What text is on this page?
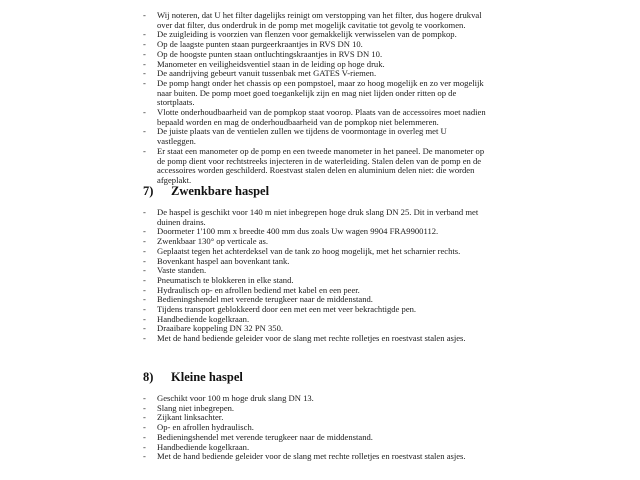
- Wij noteren, dat U het filter dagelijks reinigt om verstopping van het filter, dus hogere drukval over dat filter, dus onderdruk in de pomp met mogelijk cavitatie tot gevolg te voorkomen.
- De zuigleiding is voorzien van flenzen voor gemakkelijk verwisselen van de pompkop.
- Op de laagste punten staan purgeerkraantjes in RVS DN 10.
- Op de hoogste punten staan ontluchtingskraantjes in RVS DN 10.
- Manometer en veiligheidsventiel staan in de leiding op hoge druk.
- De aandrijving gebeurt vanuit tussenbak met GATES V-riemen.
- De pomp hangt onder het chassis op een pompstoel, maar zo hoog mogelijk en zo ver mogelijk naar buiten. De pomp moet goed toegankelijk zijn en mag niet lijden onder ritten op de stortplaats.
- Vlotte onderhoudbaarheid van de pompkop staat voorop. Plaats van de accessoires moet nadien bepaald worden en mag de onderhoudbaarheid van de pompkop niet belemmeren.
- De juiste plaats van de ventielen zullen we tijdens de voormontage in overleg met U vastleggen.
- Er staat een manometer op de pomp en een tweede manometer in het paneel. De manometer op de pomp dient voor rechtstreeks injecteren in de waterleiding. Stalen delen van de pomp en de accessoires worden geschilderd. Roestvast stalen delen en aluminium delen niet: die worden afgeplakt.
7) Zwenkbare haspel
- De haspel is geschikt voor 140 m niet inbegrepen hoge druk slang DN 25. Dit in verband met duinen drains.
- Doormeter 1'100 mm x breedte 400 mm dus zoals Uw wagen 9904 FRA9900112.
- Zwenkbaar 130° op verticale as.
- Geplaatst tegen het achterdeksel van de tank zo hoog mogelijk, met het scharnier rechts.
- Bovenkant haspel aan bovenkant tank.
- Vaste standen.
- Pneumatisch te blokkeren in elke stand.
- Hydraulisch op- en afrollen bediend met kabel en een peer.
- Bedieningshendel met verende terugkeer naar de middenstand.
- Tijdens transport geblokkeerd door een met een met veer bekrachtigde pen.
- Handbediende kogelkraan.
- Draaibare koppeling DN 32 PN 350.
- Met de hand bediende geleider voor de slang met rechte rolletjes en roestvast stalen asjes.
8) Kleine haspel
- Geschikt voor 100 m hoge druk slang DN 13.
- Slang niet inbegrepen.
- Zijkant linksachter.
- Op- en afrollen hydraulisch.
- Bedieningshendel met verende terugkeer naar de middenstand.
- Handbediende kogelkraan.
- Met de hand bediende geleider voor de slang met rechte rolletjes en roestvast stalen asjes.
